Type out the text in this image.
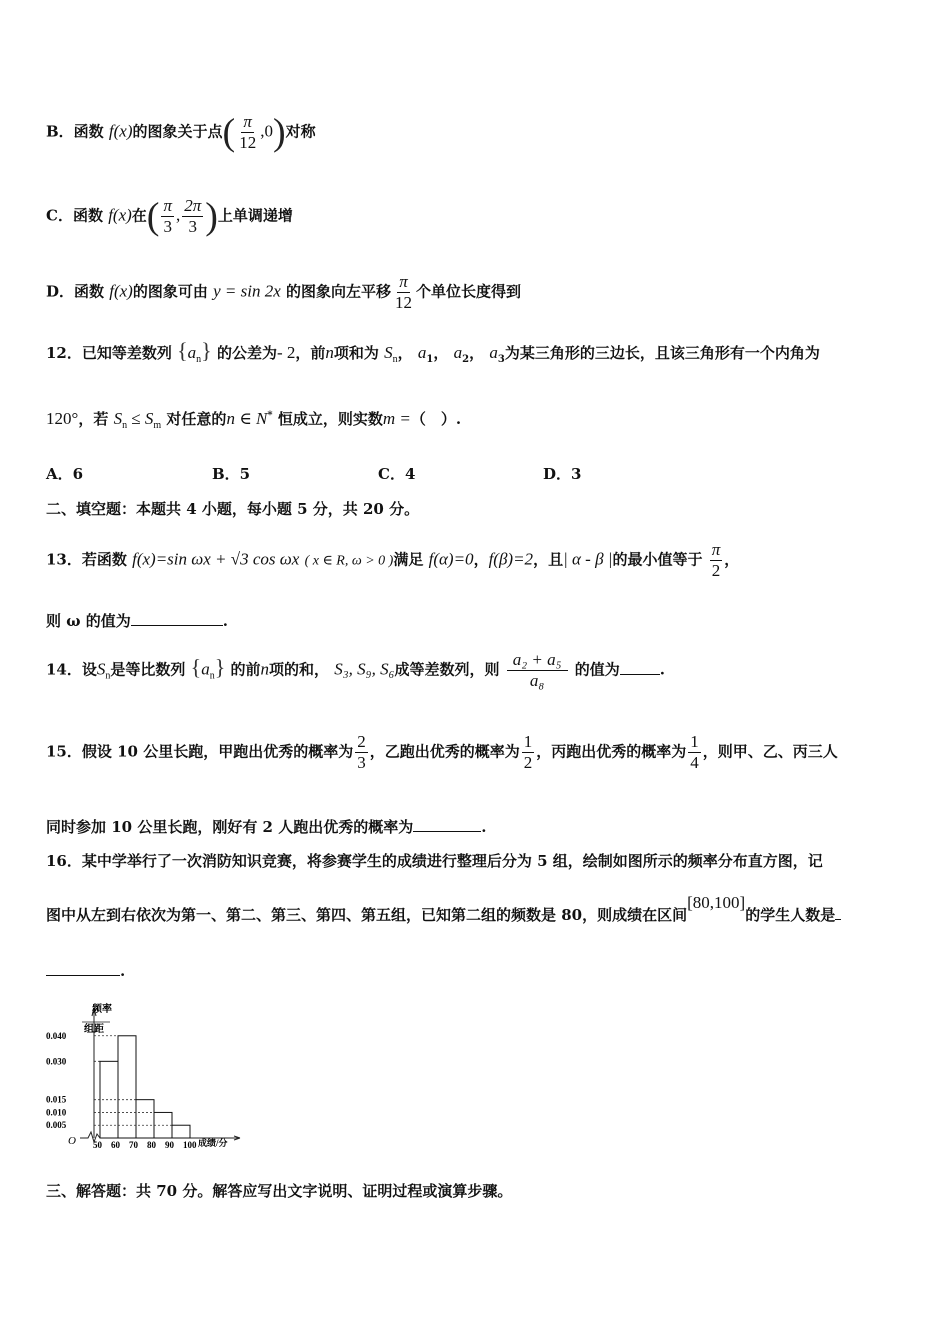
B．函数 f(x)的图象关于点( $\frac{\pi}{12} ,0$)对称
C．函数 f(x)在( $\frac{\pi}{3}$ , $\frac{2\pi}{3}$ )上单调递增
D．函数 f(x)的图象可由 y = sin 2x 的图象向左平移 $\frac{\pi}{12}$ 个单位长度得到
12．已知等差数列 $\{a_n\}$ 的公差为- 2，前n项和为 $S_n$， $a_1$， $a_2$， $a_3$为某三角形的三边长，且该三角形有一个内角为
120°，若 $S_n \le S_m$ 对任意的n ∈ N* 恒成立，则实数m =（　）.
A．6	B．5	C．4	D．3
二、填空题：本题共 4 小题，每小题 5 分，共 20 分。
13．若函数 f(x)=sin ωx + √3 cos ωx ( x ∈ R, ω > 0 )满足 f(α)=0，f(β)=2，且| α - β |的最小值等于 $\frac{\pi}{2}$ ，
则 ω 的值为	.
14．设$S_n$是等比数列 $\{a_n\}$ 的前n项的和， S₃, S₉, S₆成等差数列，则 $\frac{\text{a₂ + a₅}}{\text{a₈}}$ 的值为	.
15．假设 10 公里长跑，甲跑出优秀的概率为 $\frac{2}{3}$ ，乙跑出优秀的概率为 $\frac{1}{2}$ ，丙跑出优秀的概率为 $\frac{1}{4}$ ，则甲、乙、丙三人
同时参加 10 公里长跑，刚好有 2 人跑出优秀的概率为	.
16．某中学举行了一次消防知识竞赛，将参赛学生的成绩进行整理后分为 5 组，绘制如图所示的频率分布直方图，记
图中从左到右依次为第一、第二、第三、第四、第五组，已知第二组的频数是 80，则成绩在区间[80,100]的学生人数是
.
频率
组距
O	成绩/分
0.040
0.030
0.015
0.010
0.005
50 60 70 80 90 100
三、解答题：共 70 分。解答应写出文字说明、证明过程或演算步骤。
